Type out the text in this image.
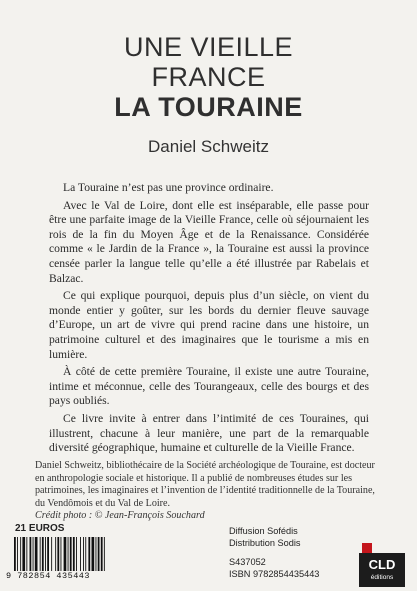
UNE VIEILLE
FRANCE
LA TOURAINE
Daniel Schweitz

La Touraine n’est pas une province ordinaire.

Avec le Val de Loire, dont elle est inséparable, elle passe pour être une parfaite image de la Vieille France, celle où séjournaient les rois de la fin du Moyen Âge et de la Renaissance. Considérée comme « le Jardin de la France », la Touraine est aussi la province censée parler la langue telle qu’elle a été illustrée par Rabelais et Balzac.

Ce qui explique pourquoi, depuis plus d’un siècle, on vient du monde entier y goûter, sur les bords du dernier fleuve sauvage d’Europe, un art de vivre qui prend racine dans une histoire, un patrimoine culturel et des imaginaires que le tourisme a mis en lumière.

À côté de cette première Touraine, il existe une autre Touraine, intime et méconnue, celle des Tourangeaux, celle des bourgs et des pays oubliés.

Ce livre invite à entrer dans l’intimité de ces Touraines, qui illustrent, chacune à leur manière, une part de la remarquable diversité géographique, humaine et culturelle de la Vieille France.

Daniel Schweitz, bibliothécaire de la Société archéologique de Touraine, est docteur en anthropologie sociale et historique. Il a publié de nombreuses études sur les patrimoines, les imaginaires et l’invention de l’identité traditionnelle de la Touraine, du Vendômois et du Val de Loire.

Crédit photo : © Jean-François Souchard

21 EUROS
9 782854 435443
Diffusion Sofédis
Distribution Sodis
S437052
ISBN 9782854435443
CLD
éditions
